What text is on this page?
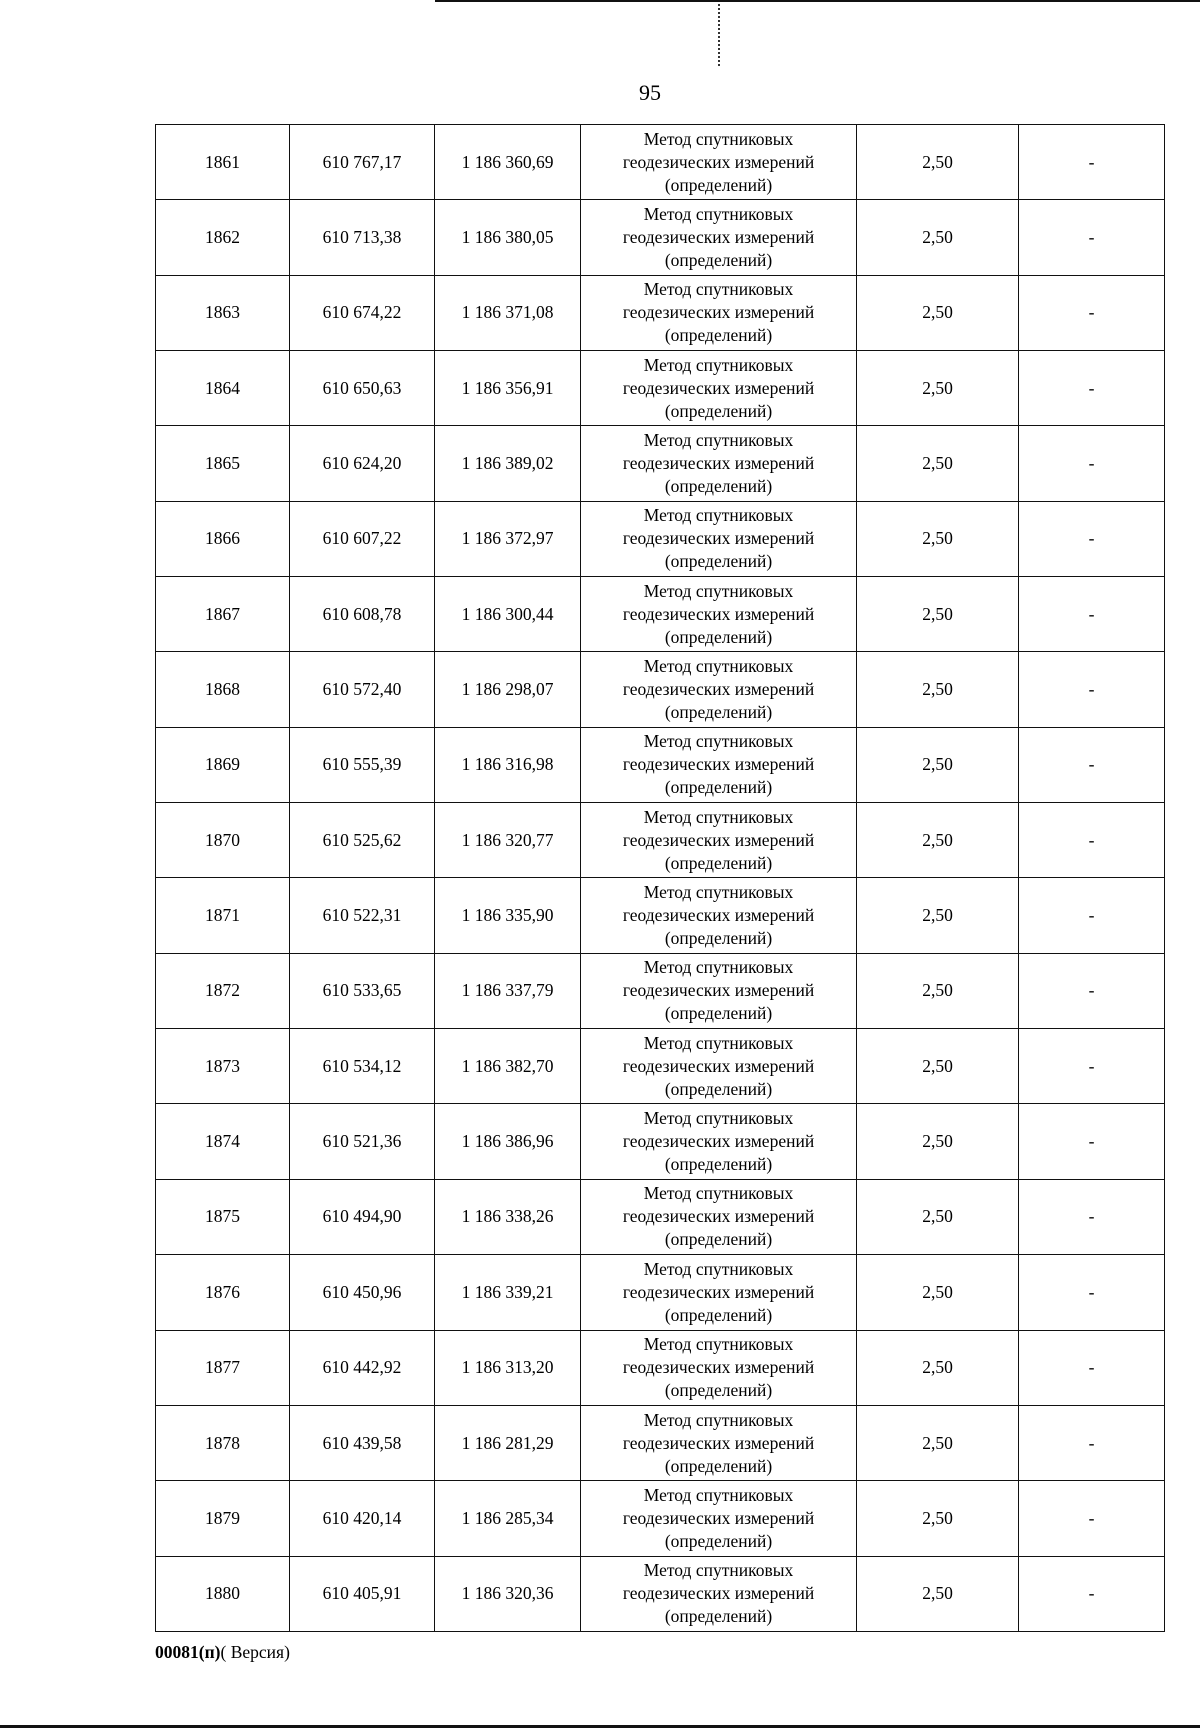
95
1861	610 767,17	1 186 360,69	Метод спутниковых
геодезических измерений
(определений)	2,50	-
1862	610 713,38	1 186 380,05	Метод спутниковых
геодезических измерений
(определений)	2,50	-
1863	610 674,22	1 186 371,08	Метод спутниковых
геодезических измерений
(определений)	2,50	-
1864	610 650,63	1 186 356,91	Метод спутниковых
геодезических измерений
(определений)	2,50	-
1865	610 624,20	1 186 389,02	Метод спутниковых
геодезических измерений
(определений)	2,50	-
1866	610 607,22	1 186 372,97	Метод спутниковых
геодезических измерений
(определений)	2,50	-
1867	610 608,78	1 186 300,44	Метод спутниковых
геодезических измерений
(определений)	2,50	-
1868	610 572,40	1 186 298,07	Метод спутниковых
геодезических измерений
(определений)	2,50	-
1869	610 555,39	1 186 316,98	Метод спутниковых
геодезических измерений
(определений)	2,50	-
1870	610 525,62	1 186 320,77	Метод спутниковых
геодезических измерений
(определений)	2,50	-
1871	610 522,31	1 186 335,90	Метод спутниковых
геодезических измерений
(определений)	2,50	-
1872	610 533,65	1 186 337,79	Метод спутниковых
геодезических измерений
(определений)	2,50	-
1873	610 534,12	1 186 382,70	Метод спутниковых
геодезических измерений
(определений)	2,50	-
1874	610 521,36	1 186 386,96	Метод спутниковых
геодезических измерений
(определений)	2,50	-
1875	610 494,90	1 186 338,26	Метод спутниковых
геодезических измерений
(определений)	2,50	-
1876	610 450,96	1 186 339,21	Метод спутниковых
геодезических измерений
(определений)	2,50	-
1877	610 442,92	1 186 313,20	Метод спутниковых
геодезических измерений
(определений)	2,50	-
1878	610 439,58	1 186 281,29	Метод спутниковых
геодезических измерений
(определений)	2,50	-
1879	610 420,14	1 186 285,34	Метод спутниковых
геодезических измерений
(определений)	2,50	-
1880	610 405,91	1 186 320,36	Метод спутниковых
геодезических измерений
(определений)	2,50	-
00081(п)( Версия)
